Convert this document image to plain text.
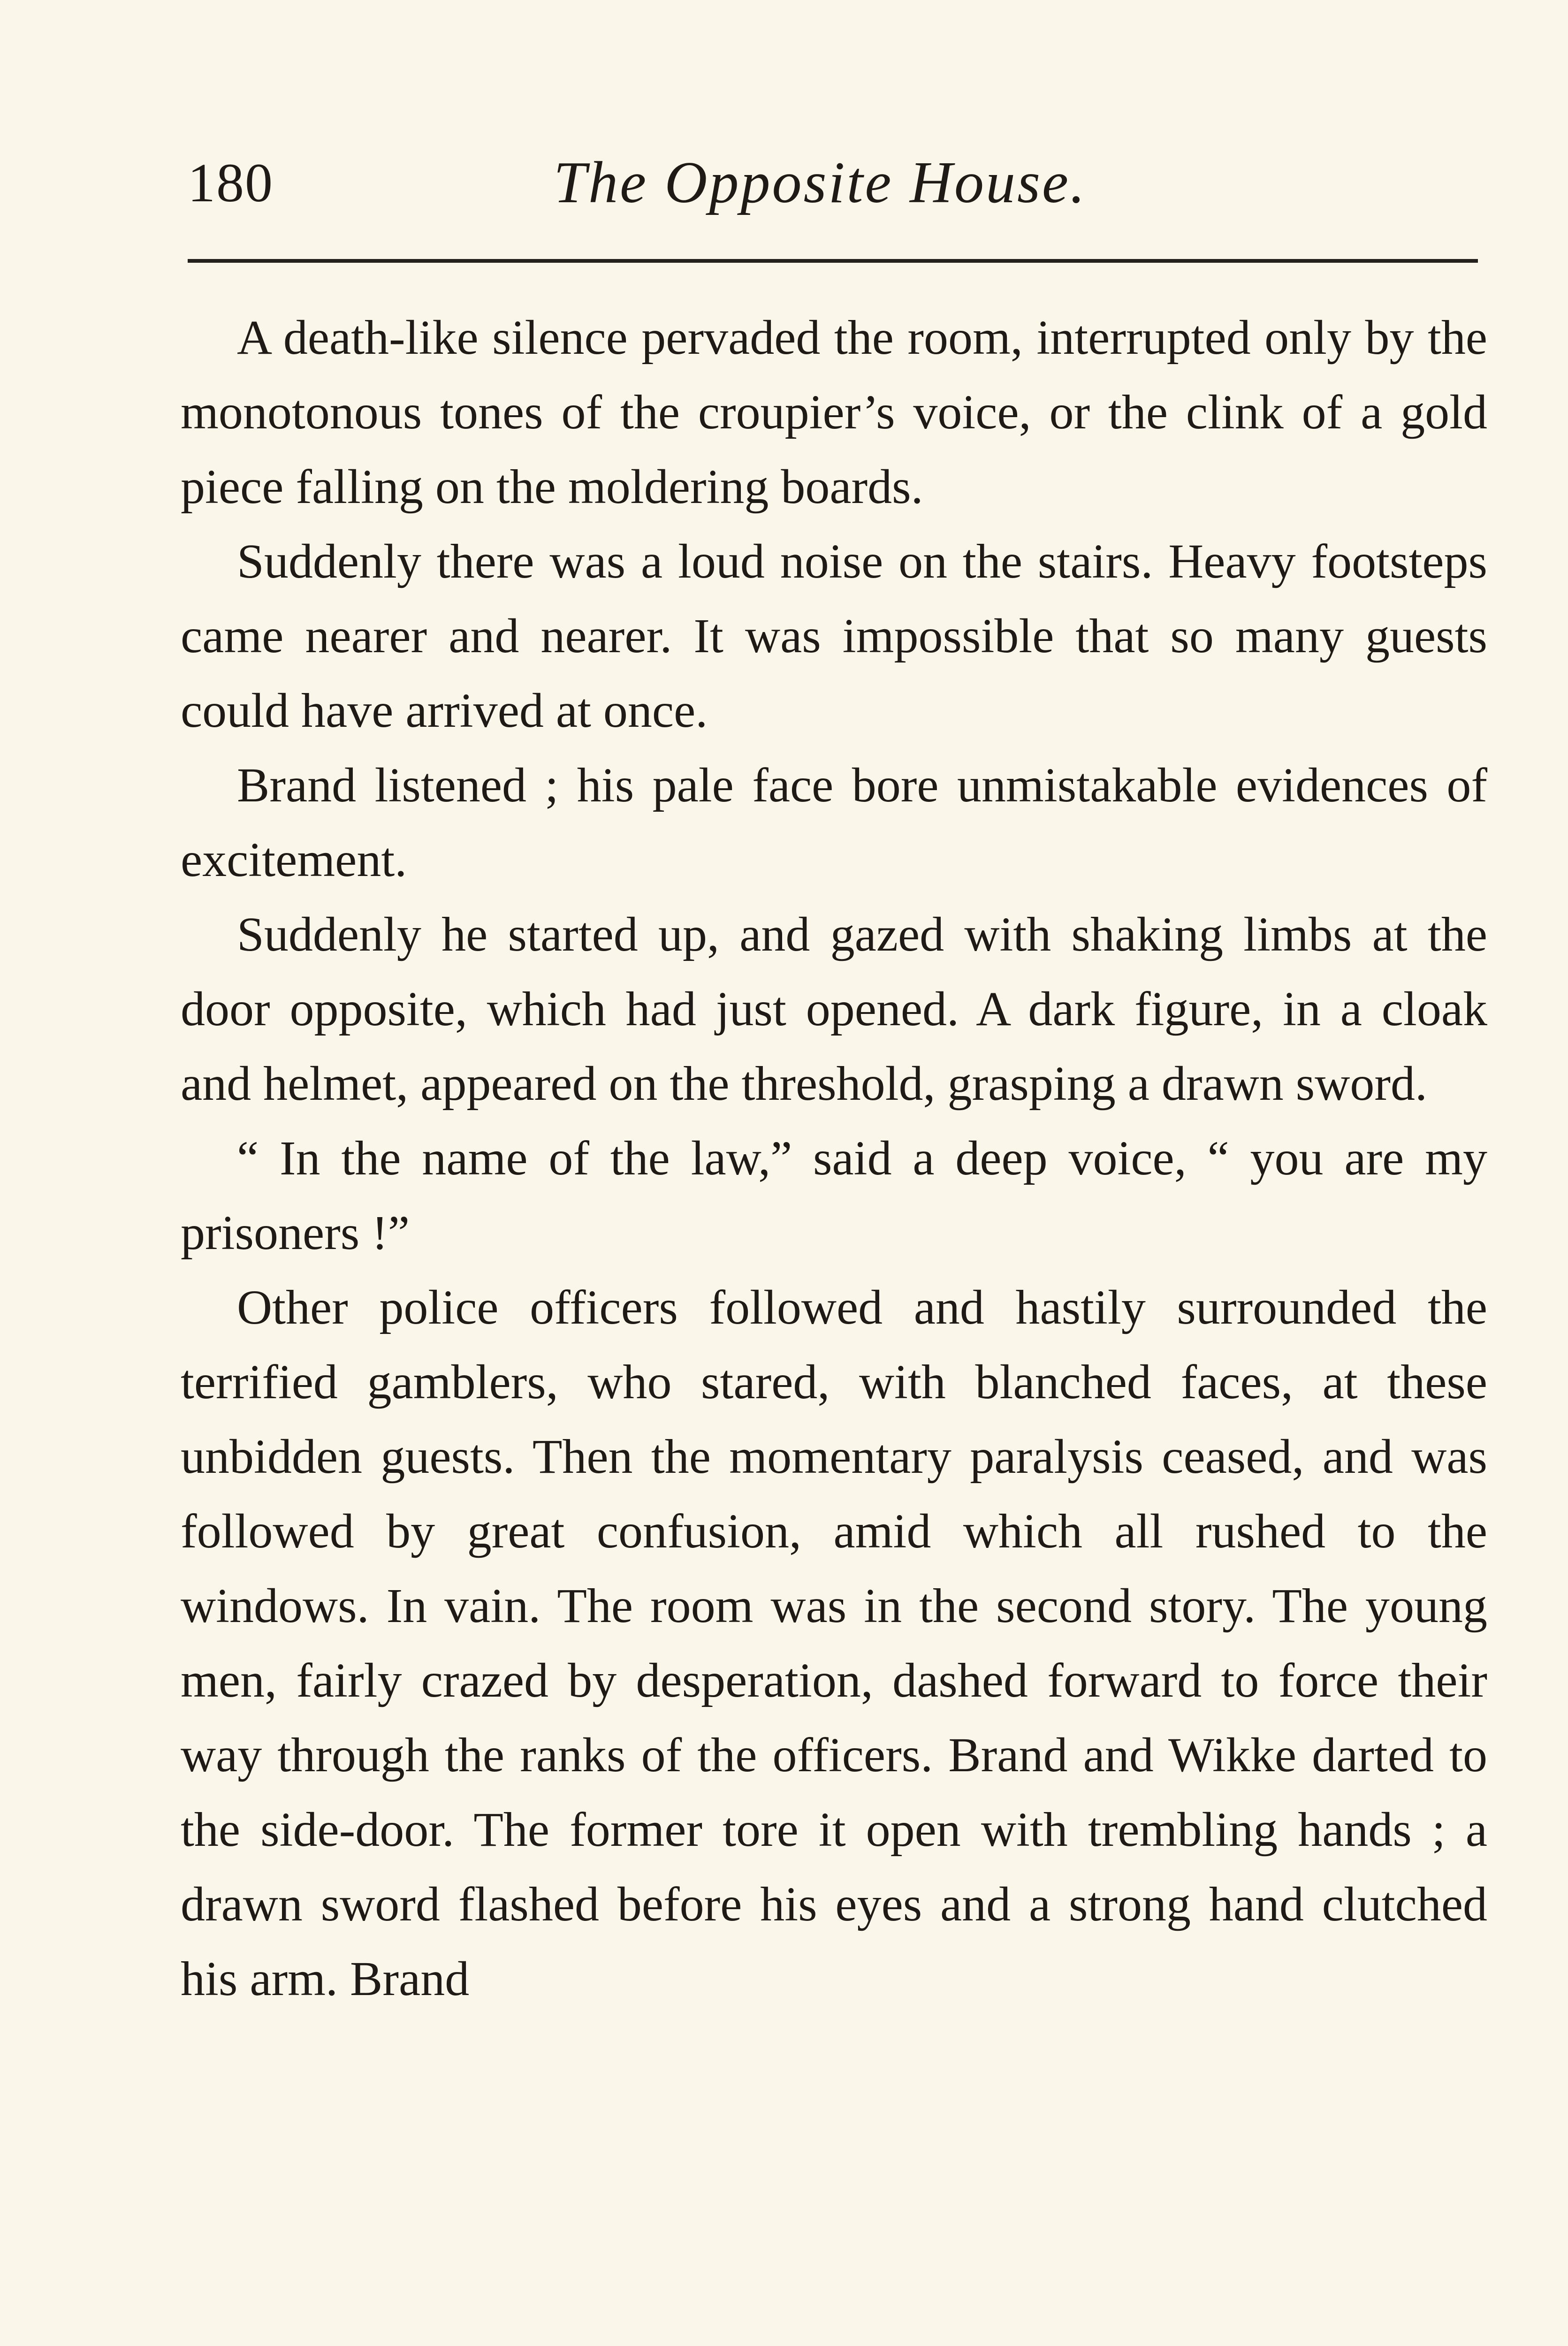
180	The Opposite House.

A death-like silence pervaded the room, interrupted only by the monotonous tones of the croupier’s voice, or the clink of a gold piece falling on the moldering boards.

Suddenly there was a loud noise on the stairs. Heavy footsteps came nearer and nearer. It was impossible that so many guests could have arrived at once.

Brand listened ; his pale face bore unmistakable evidences of excitement.

Suddenly he started up, and gazed with shaking limbs at the door opposite, which had just opened. A dark figure, in a cloak and helmet, appeared on the threshold, grasping a drawn sword.

“ In the name of the law,” said a deep voice, “ you are my prisoners !”

Other police officers followed and hastily surrounded the terrified gamblers, who stared, with blanched faces, at these unbidden guests. Then the momentary paralysis ceased, and was followed by great confusion, amid which all rushed to the windows. In vain. The room was in the second story. The young men, fairly crazed by desperation, dashed forward to force their way through the ranks of the officers. Brand and Wikke darted to the side-door. The former tore it open with trembling hands ; a drawn sword flashed before his eyes and a strong hand clutched his arm. Brand
